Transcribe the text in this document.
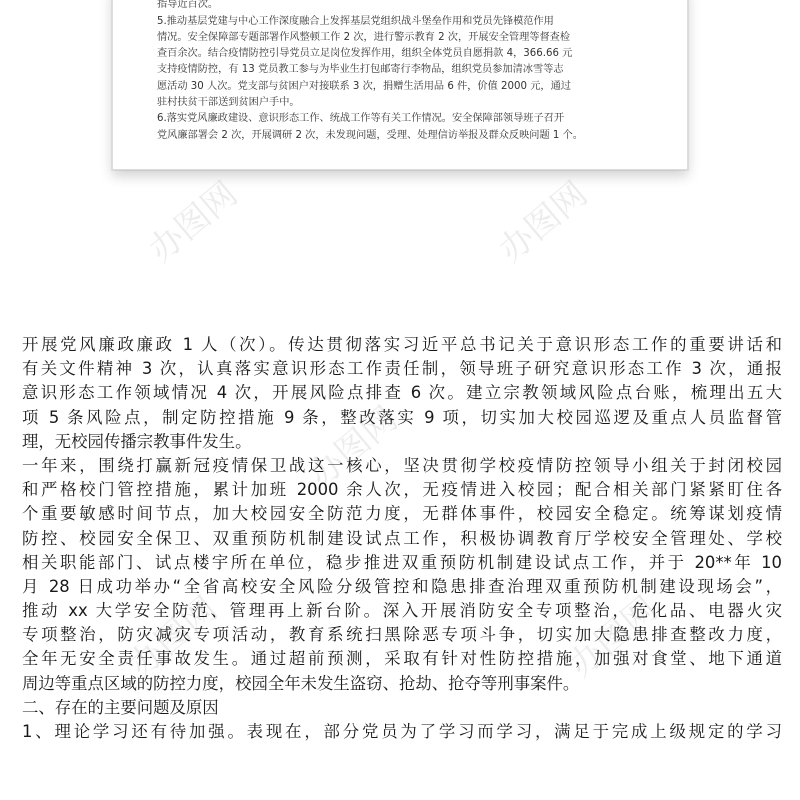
指导近百次。
5.推动基层党建与中心工作深度融合上发挥基层党组织战斗堡垒作用和党员先锋模范作用
情况。安全保障部专题部署作风整顿工作 2 次，进行警示教育 2 次，开展安全管理等督查检
查百余次。结合疫情防控引导党员立足岗位发挥作用，组织全体党员自愿捐款 4，366.66 元
支持疫情防控，有 13 党员教工参与为毕业生打包邮寄行李物品，组织党员参加清冰雪等志
愿活动 30 人次。党支部与贫困户对接联系 3 次，捐赠生活用品 6 件，价值 2000 元，通过
驻村扶贫干部送到贫困户手中。
6.落实党风廉政建设、意识形态工作、统战工作等有关工作情况。安全保障部领导班子召开
党风廉部署会 2 次，开展调研 2 次，未发现问题，受理、处理信访举报及群众反映问题 1 个。
办图网	办图网
办图网
办图网	办图网
开展党风廉政廉政 1 人（次）。传达贯彻落实习近平总书记关于意识形态工作的重要讲话和
有关文件精神 3 次，认真落实意识形态工作责任制，领导班子研究意识形态工作 3 次，通报
意识形态工作领域情况 4 次，开展风险点排查 6 次。建立宗教领域风险点台账，梳理出五大
项 5 条风险点，制定防控措施 9 条，整改落实 9 项，切实加大校园巡逻及重点人员监督管
理，无校园传播宗教事件发生。
一年来，围绕打赢新冠疫情保卫战这一核心，坚决贯彻学校疫情防控领导小组关于封闭校园
和严格校门管控措施，累计加班 2000 余人次，无疫情进入校园；配合相关部门紧紧盯住各
个重要敏感时间节点，加大校园安全防范力度，无群体事件，校园安全稳定。统筹谋划疫情
防控、校园安全保卫、双重预防机制建设试点工作，积极协调教育厅学校安全管理处、学校
相关职能部门、试点楼宇所在单位，稳步推进双重预防机制建设试点工作，并于 20**年 10
月 28 日成功举办“全省高校安全风险分级管控和隐患排查治理双重预防机制建设现场会”，
推动 xx 大学安全防范、管理再上新台阶。深入开展消防安全专项整治，危化品、电器火灾
专项整治，防灾减灾专项活动，教育系统扫黑除恶专项斗争，切实加大隐患排查整改力度，
全年无安全责任事故发生。通过超前预测，采取有针对性防控措施，加强对食堂、地下通道
周边等重点区域的防控力度，校园全年未发生盗窃、抢劫、抢夺等刑事案件。
二、存在的主要问题及原因
1、理论学习还有待加强。表现在，部分党员为了学习而学习，满足于完成上级规定的学习
